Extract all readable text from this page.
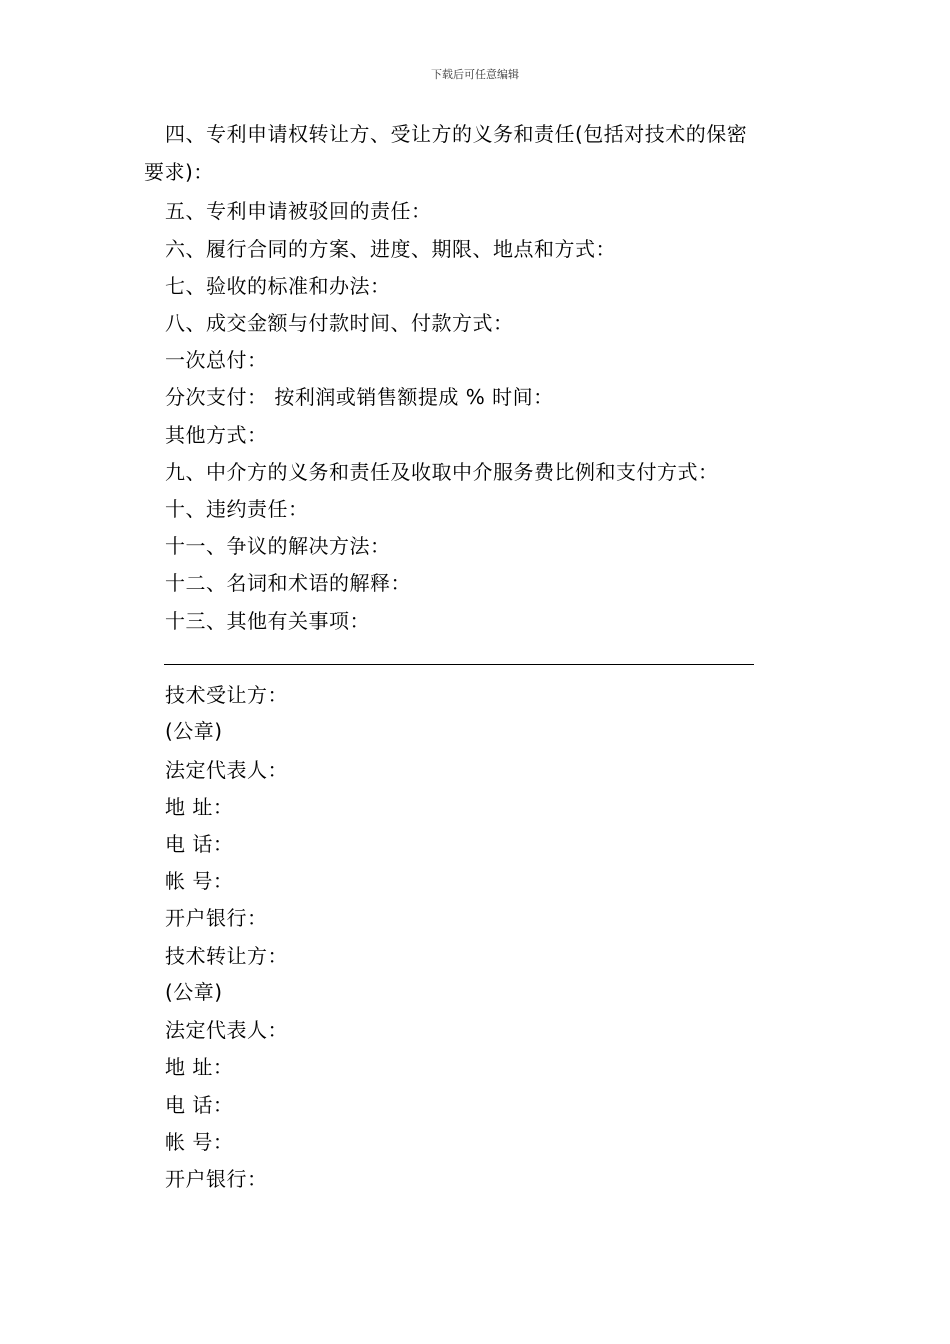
下载后可任意编辑
四、专利申请权转让方、受让方的义务和责任(包括对技术的保密
要求)：
五、专利申请被驳回的责任：
六、履行合同的方案、进度、期限、地点和方式：
七、验收的标准和办法：
八、成交金额与付款时间、付款方式：
一次总付：
分次支付： 按利润或销售额提成 % 时间：
其他方式：
九、中介方的义务和责任及收取中介服务费比例和支付方式：
十、违约责任：
十一、争议的解决方法：
十二、名词和术语的解释：
十三、其他有关事项：
技术受让方：
(公章)
法定代表人：
地 址：
电 话：
帐 号：
开户银行：
技术转让方：
(公章)
法定代表人：
地 址：
电 话：
帐 号：
开户银行：
